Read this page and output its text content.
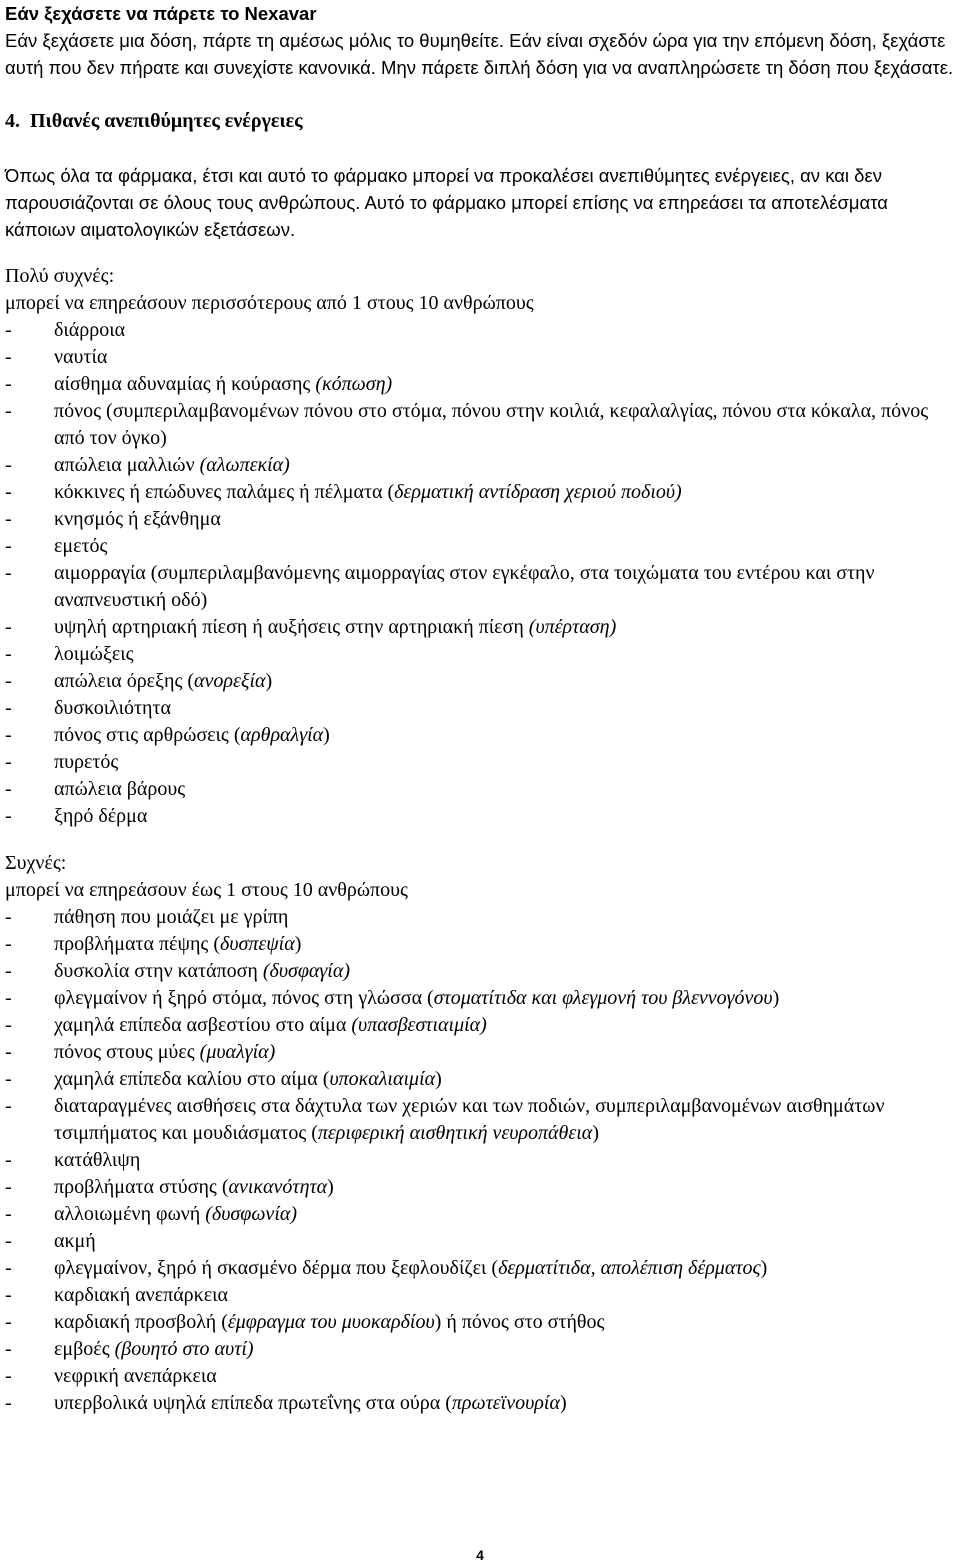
Εάν ξεχάσετε να πάρετε το Nexavar

Εάν ξεχάσετε μια δόση, πάρτε τη αμέσως μόλις το θυμηθείτε. Εάν είναι σχεδόν ώρα για την επόμενη δόση, ξεχάστε αυτή που δεν πήρατε και συνεχίστε κανονικά. Μην πάρετε διπλή δόση για να αναπληρώσετε τη δόση που ξεχάσατε.

4. Πιθανές ανεπιθύμητες ενέργειες

Όπως όλα τα φάρμακα, έτσι και αυτό το φάρμακο μπορεί να προκαλέσει ανεπιθύμητες ενέργειες, αν και δεν παρουσιάζονται σε όλους τους ανθρώπους. Αυτό το φάρμακο μπορεί επίσης να επηρεάσει τα αποτελέσματα κάποιων αιματολογικών εξετάσεων.

Πολύ συχνές:

μπορεί να επηρεάσουν περισσότερους από 1 στους 10 ανθρώπους

- διάρροια
- ναυτία
- αίσθημα αδυναμίας ή κούρασης (κόπωση)
- πόνος (συμπεριλαμβανομένων πόνου στο στόμα, πόνου στην κοιλιά, κεφαλαλγίας, πόνου στα κόκαλα, πόνος από τον όγκο)
- απώλεια μαλλιών (αλωπεκία)
- κόκκινες ή επώδυνες παλάμες ή πέλματα (δερματική αντίδραση χεριού ποδιού)
- κνησμός ή εξάνθημα
- εμετός
- αιμορραγία (συμπεριλαμβανόμενης αιμορραγίας στον εγκέφαλο, στα τοιχώματα του εντέρου και στην αναπνευστική οδό)
- υψηλή αρτηριακή πίεση ή αυξήσεις στην αρτηριακή πίεση (υπέρταση)
- λοιμώξεις
- απώλεια όρεξης (ανορεξία)
- δυσκοιλιότητα
- πόνος στις αρθρώσεις (αρθραλγία)
- πυρετός
- απώλεια βάρους
- ξηρό δέρμα

Συχνές:

μπορεί να επηρεάσουν έως 1 στους 10 ανθρώπους

- πάθηση που μοιάζει με γρίπη
- προβλήματα πέψης (δυσπεψία)
- δυσκολία στην κατάποση (δυσφαγία)
- φλεγμαίνον ή ξηρό στόμα, πόνος στη γλώσσα (στοματίτιδα και φλεγμονή του βλεννογόνου)
- χαμηλά επίπεδα ασβεστίου στο αίμα (υπασβεστιαιμία)
- πόνος στους μύες (μυαλγία)
- χαμηλά επίπεδα καλίου στο αίμα (υποκαλιαιμία)
- διαταραγμένες αισθήσεις στα δάχτυλα των χεριών και των ποδιών, συμπεριλαμβανομένων αισθημάτων τσιμπήματος και μουδιάσματος (περιφερική αισθητική νευροπάθεια)
- κατάθλιψη
- προβλήματα στύσης (ανικανότητα)
- αλλοιωμένη φωνή (δυσφωνία)
- ακμή
- φλεγμαίνον, ξηρό ή σκασμένο δέρμα που ξεφλουδίζει (δερματίτιδα, απολέπιση δέρματος)
- καρδιακή ανεπάρκεια
- καρδιακή προσβολή (έμφραγμα του μυοκαρδίου) ή πόνος στο στήθος
- εμβοές (βουητό στο αυτί)
- νεφρική ανεπάρκεια
- υπερβολικά υψηλά επίπεδα πρωτεΐνης στα ούρα (πρωτεϊνουρία)
4
